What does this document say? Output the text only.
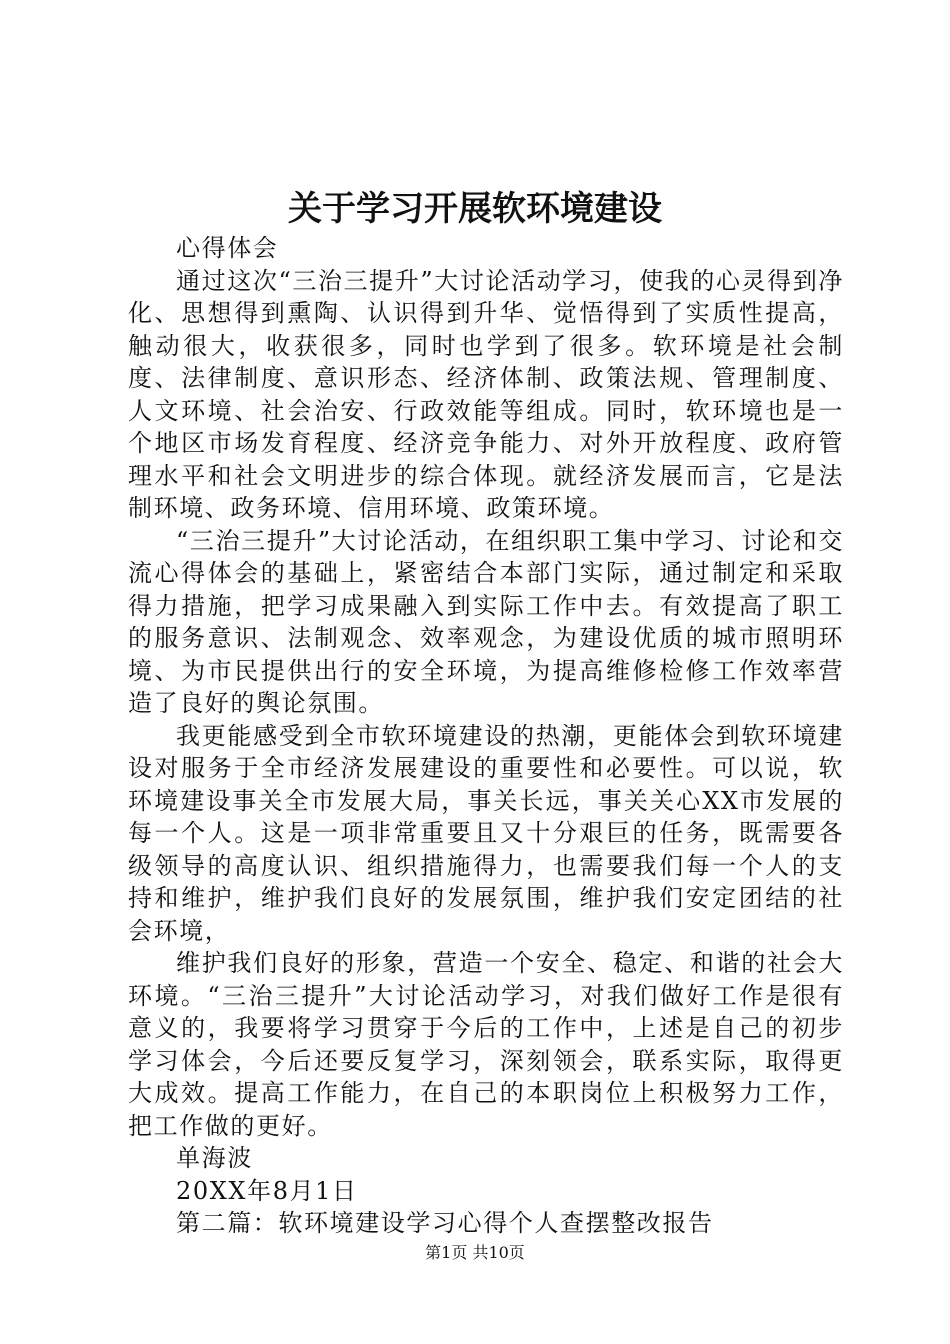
关于学习开展软环境建设

心得体会

通过这次“三治三提升”大讨论活动学习，使我的心灵得到净化、思想得到熏陶、认识得到升华、觉悟得到了实质性提高，触动很大，收获很多，同时也学到了很多。软环境是社会制度、法律制度、意识形态、经济体制、政策法规、管理制度、人文环境、社会治安、行政效能等组成。同时，软环境也是一个地区市场发育程度、经济竞争能力、对外开放程度、政府管理水平和社会文明进步的综合体现。就经济发展而言，它是法制环境、政务环境、信用环境、政策环境。

“三治三提升”大讨论活动，在组织职工集中学习、讨论和交流心得体会的基础上，紧密结合本部门实际，通过制定和采取得力措施，把学习成果融入到实际工作中去。有效提高了职工的服务意识、法制观念、效率观念，为建设优质的城市照明环境、为市民提供出行的安全环境，为提高维修检修工作效率营造了良好的舆论氛围。

我更能感受到全市软环境建设的热潮，更能体会到软环境建设对服务于全市经济发展建设的重要性和必要性。可以说，软环境建设事关全市发展大局，事关长远，事关关心XX市发展的每一个人。这是一项非常重要且又十分艰巨的任务，既需要各级领导的高度认识、组织措施得力，也需要我们每一个人的支持和维护，维护我们良好的发展氛围，维护我们安定团结的社会环境，

维护我们良好的形象，营造一个安全、稳定、和谐的社会大环境。“三治三提升”大讨论活动学习，对我们做好工作是很有意义的，我要将学习贯穿于今后的工作中，上述是自己的初步学习体会，今后还要反复学习，深刻领会，联系实际，取得更大成效。提高工作能力，在自己的本职岗位上积极努力工作，把工作做的更好。

单海波

20XX年8月1日

第二篇：软环境建设学习心得个人查摆整改报告

第1页 共10页
